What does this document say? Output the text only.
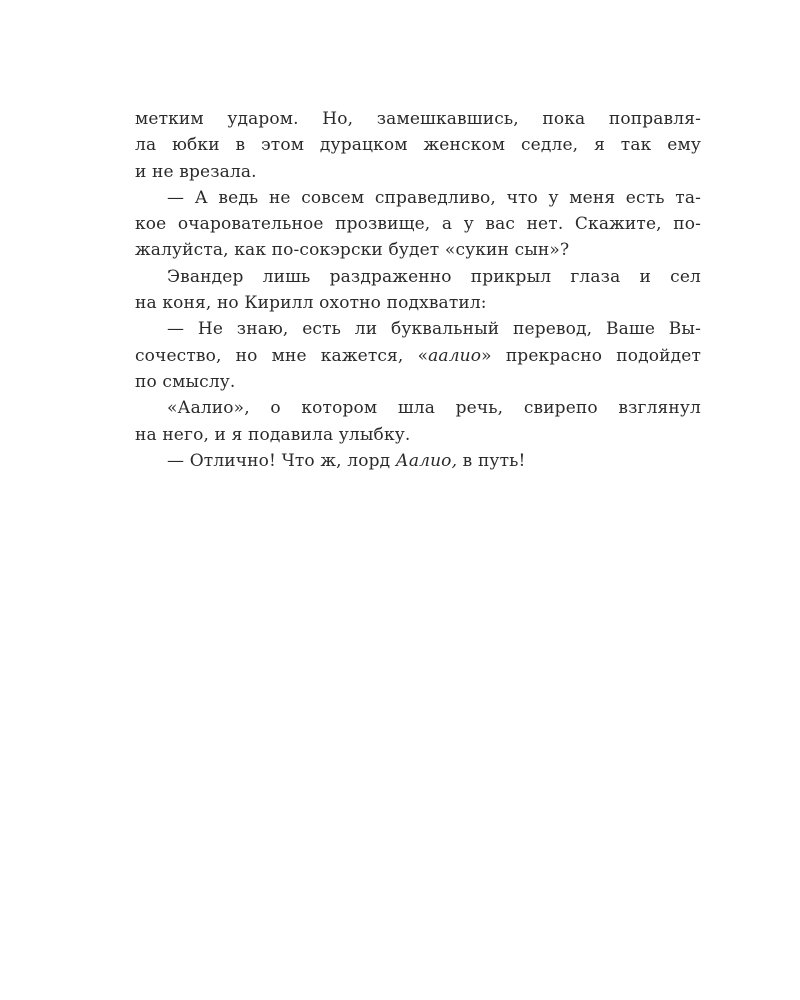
метким ударом. Но, замешкавшись, пока поправля-
ла юбки в этом дурацком женском седле, я так ему
и не врезала.
— А ведь не совсем справедливо, что у меня есть та-
кое очаровательное прозвище, а у вас нет. Скажите, по-
жалуйста, как по-сокэрски будет «сукин сын»?
Эвандер лишь раздраженно прикрыл глаза и сел
на коня, но Кирилл охотно подхватил:
— Не знаю, есть ли буквальный перевод, Ваше Вы-
сочество, но мне кажется, «аалио» прекрасно подойдет
по смыслу.
«Аалио», о котором шла речь, свирепо взглянул
на него, и я подавила улыбку.
— Отлично! Что ж, лорд Аалио, в путь!
